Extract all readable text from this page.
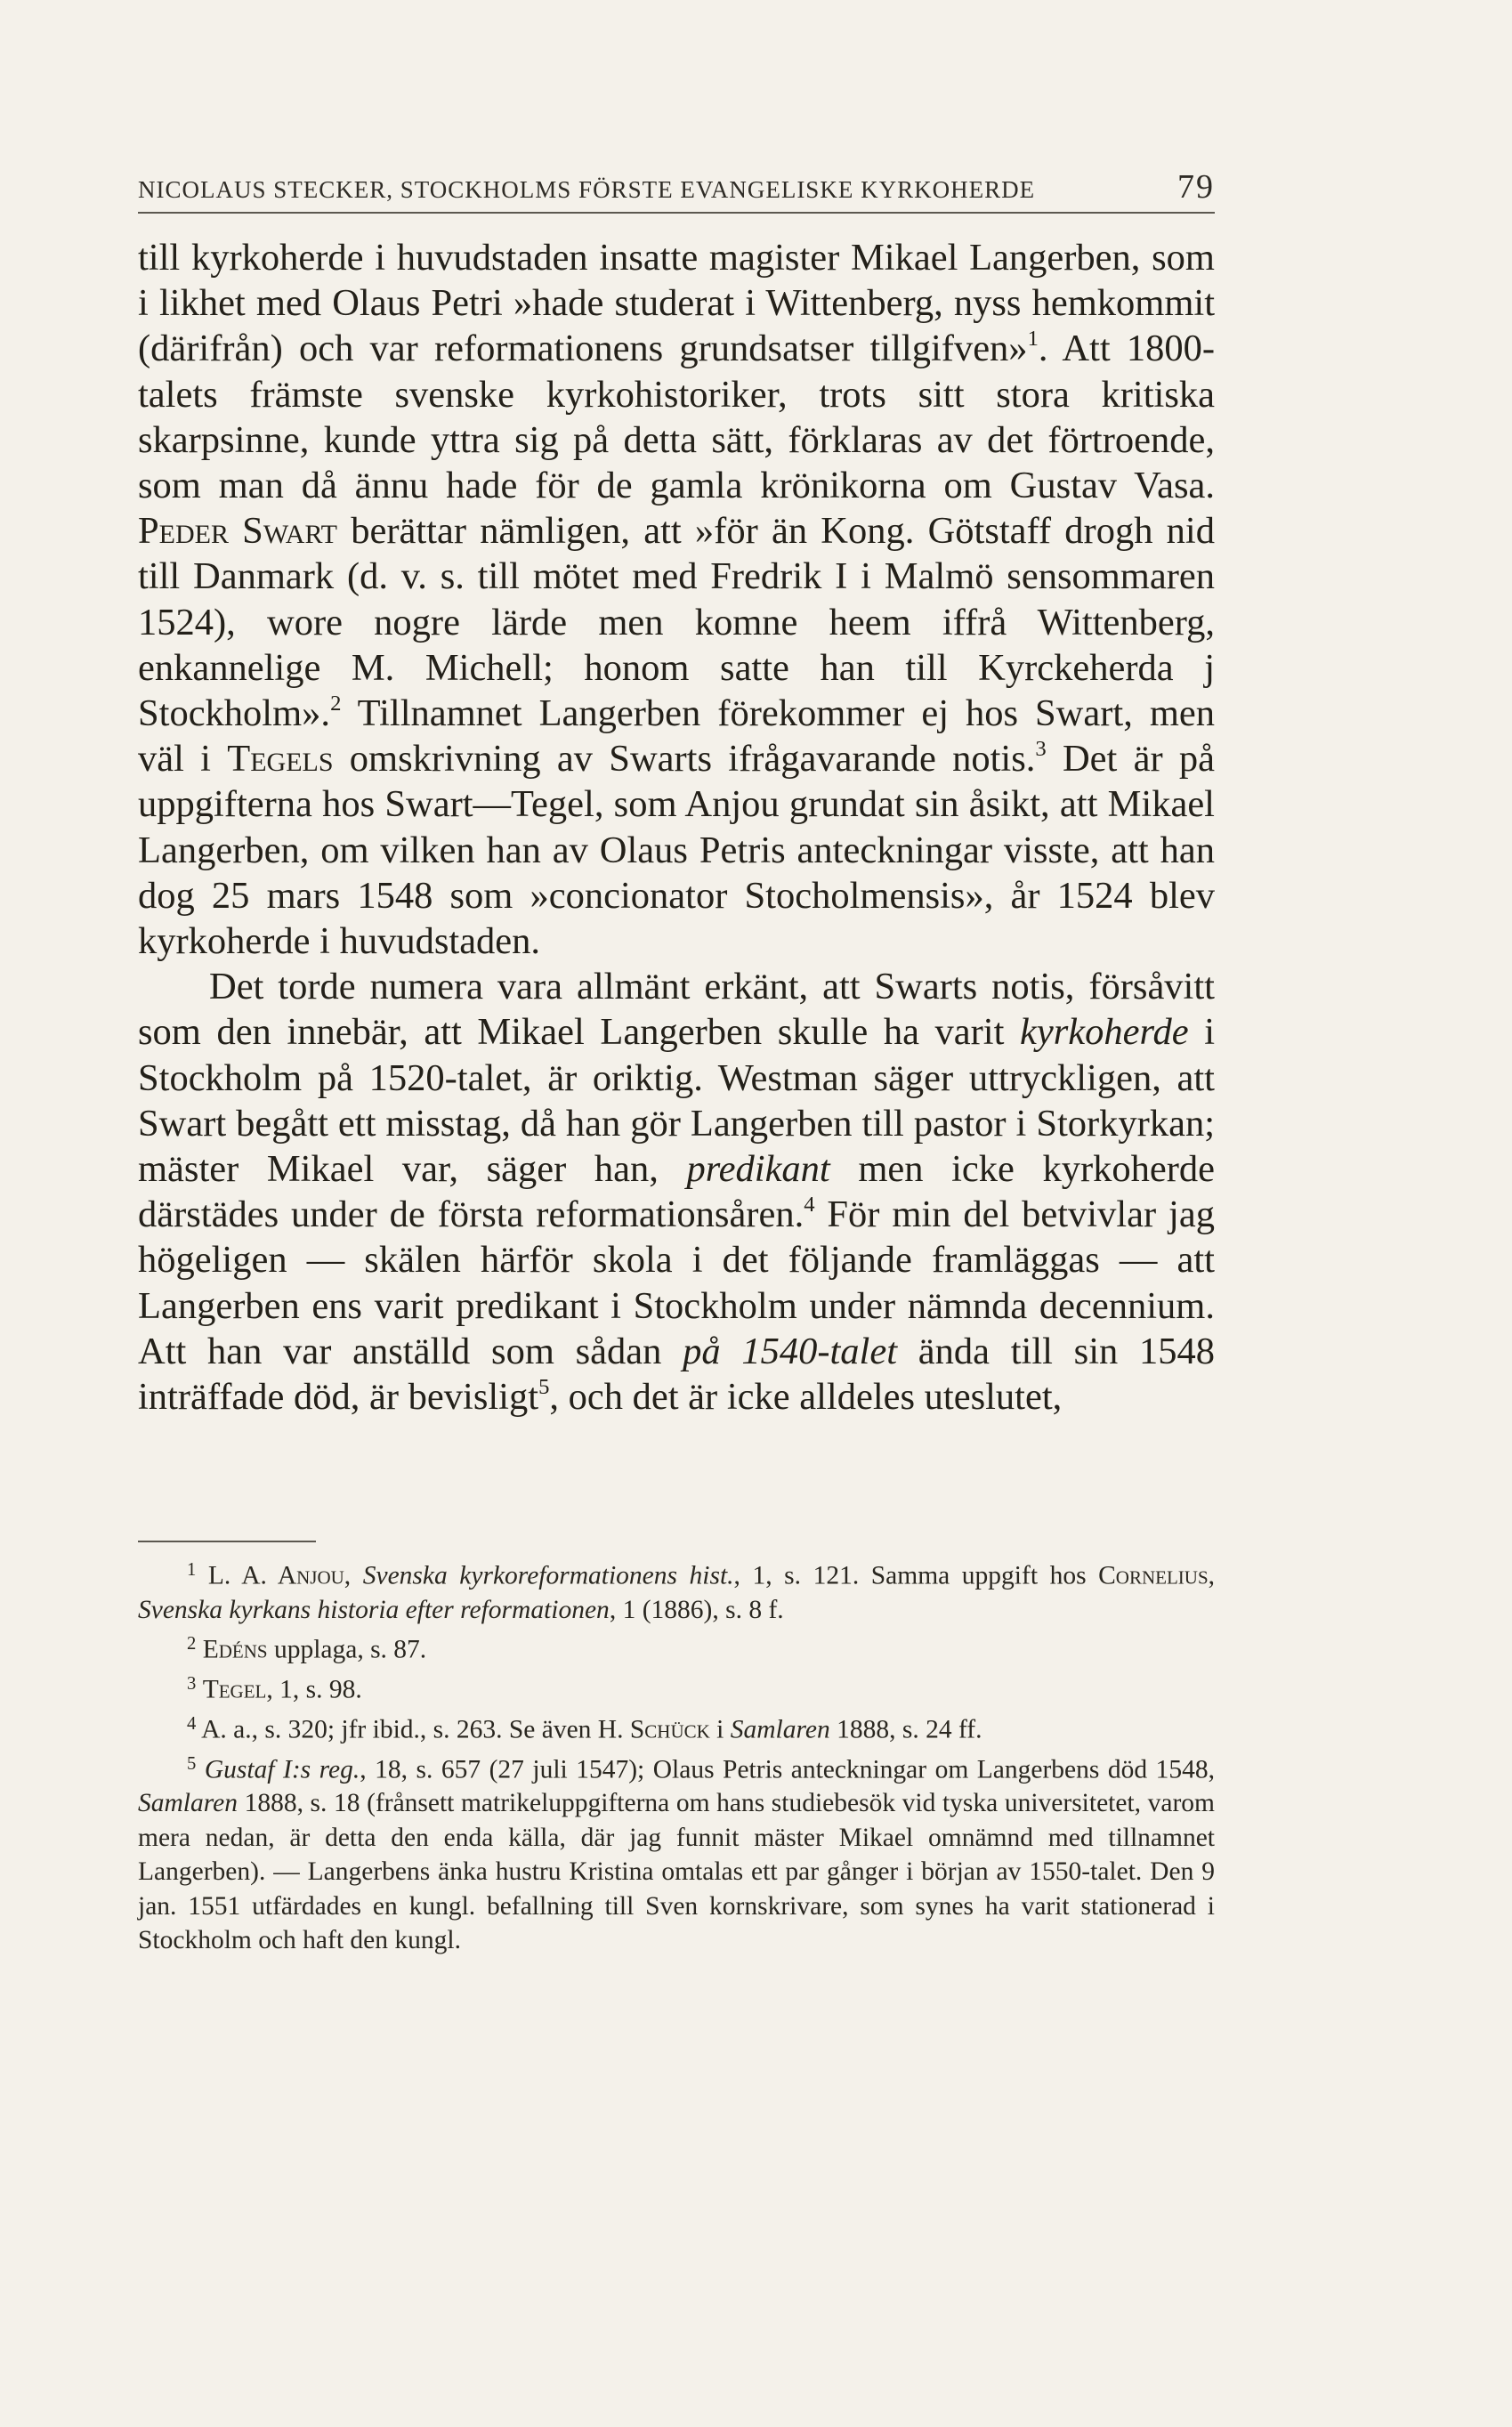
NICOLAUS STECKER, STOCKHOLMS FÖRSTE EVANGELISKE KYRKOHERDE	79

till kyrkoherde i huvudstaden insatte magister Mikael Langerben, som i likhet med Olaus Petri »hade studerat i Wittenberg, nyss hemkommit (därifrån) och var reformationens grundsatser tillgifven»$^1$. Att 1800-talets främste svenske kyrkohistoriker, trots sitt stora kritiska skarpsinne, kunde yttra sig på detta sätt, förklaras av det förtroende, som man då ännu hade för de gamla krönikorna om Gustav Vasa. Peder Swart berättar nämligen, att »för än Kong. Götstaff drogh nid till Danmark (d. v. s. till mötet med Fredrik I i Malmö sensommaren 1524), wore nogre lärde men komne heem iffrå Wittenberg, enkannelige M. Michell; honom satte han till Kyrckeherda j Stockholm».$^2$ Tillnamnet Langerben förekommer ej hos Swart, men väl i Tegels omskrivning av Swarts ifrågavarande notis.$^3$ Det är på uppgifterna hos Swart—Tegel, som Anjou grundat sin åsikt, att Mikael Langerben, om vilken han av Olaus Petris anteckningar visste, att han dog 25 mars 1548 som »concionator Stocholmensis», år 1524 blev kyrkoherde i huvudstaden.

Det torde numera vara allmänt erkänt, att Swarts notis, försåvitt som den innebär, att Mikael Langerben skulle ha varit kyrkoherde i Stockholm på 1520-talet, är oriktig. Westman säger uttryckligen, att Swart begått ett misstag, då han gör Langerben till pastor i Storkyrkan; mäster Mikael var, säger han, predikant men icke kyrkoherde därstädes under de första reformationsåren.$^4$ För min del betvivlar jag högeligen — skälen härför skola i det följande framläggas — att Langerben ens varit predikant i Stockholm under nämnda decennium. Att han var anställd som sådan på 1540-talet ända till sin 1548 inträffade död, är bevisligt$^5$, och det är icke alldeles uteslutet,

$^1$ L. A. Anjou, Svenska kyrkoreformationens hist., 1, s. 121. Samma uppgift hos Cornelius, Svenska kyrkans historia efter reformationen, 1 (1886), s. 8 f.

$^2$ Edéns upplaga, s. 87.

$^3$ Tegel, 1, s. 98.

$^4$ A. a., s. 320; jfr ibid., s. 263. Se även H. Schück i Samlaren 1888, s. 24 ff.

$^5$ Gustaf I:s reg., 18, s. 657 (27 juli 1547); Olaus Petris anteckningar om Langerbens död 1548, Samlaren 1888, s. 18 (frånsett matrikeluppgifterna om hans studiebesök vid tyska universitetet, varom mera nedan, är detta den enda källa, där jag funnit mäster Mikael omnämnd med tillnamnet Langerben). — Langerbens änka hustru Kristina omtalas ett par gånger i början av 1550-talet. Den 9 jan. 1551 utfärdades en kungl. befallning till Sven kornskrivare, som synes ha varit stationerad i Stockholm och haft den kungl.
